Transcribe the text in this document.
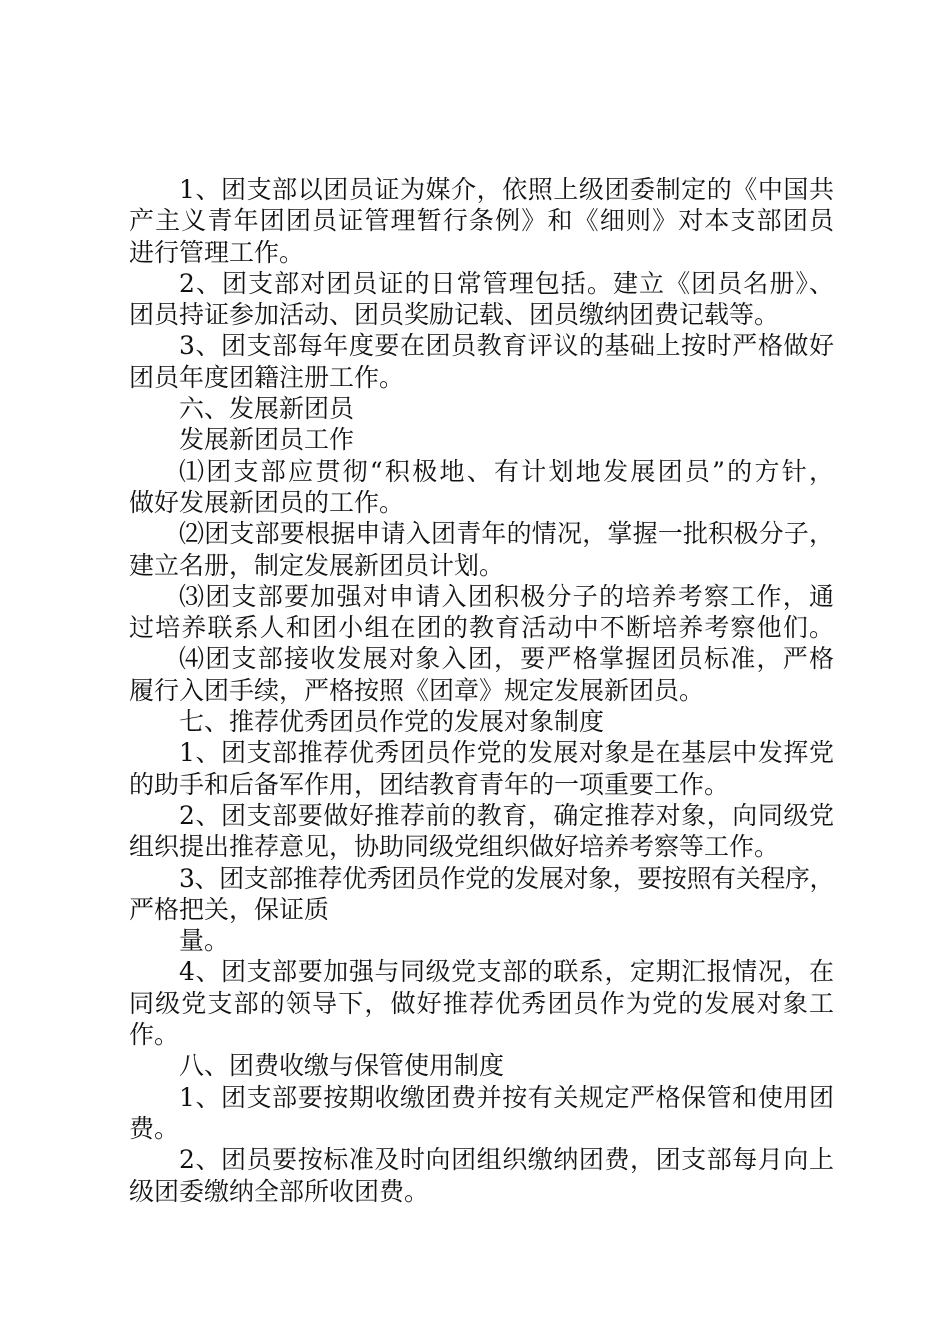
1、团支部以团员证为媒介，依照上级团委制定的《中国共
产主义青年团团员证管理暂行条例》和《细则》对本支部团员
进行管理工作。
2、团支部对团员证的日常管理包括。建立《团员名册》、
团员持证参加活动、团员奖励记载、团员缴纳团费记载等。
3、团支部每年度要在团员教育评议的基础上按时严格做好
团员年度团籍注册工作。
六、发展新团员
发展新团员工作
⑴团支部应贯彻“积极地、有计划地发展团员”的方针，
做好发展新团员的工作。
⑵团支部要根据申请入团青年的情况，掌握一批积极分子，
建立名册，制定发展新团员计划。
⑶团支部要加强对申请入团积极分子的培养考察工作，通
过培养联系人和团小组在团的教育活动中不断培养考察他们。
⑷团支部接收发展对象入团，要严格掌握团员标准，严格
履行入团手续，严格按照《团章》规定发展新团员。
七、推荐优秀团员作党的发展对象制度
1、团支部推荐优秀团员作党的发展对象是在基层中发挥党
的助手和后备军作用，团结教育青年的一项重要工作。
2、团支部要做好推荐前的教育，确定推荐对象，向同级党
组织提出推荐意见，协助同级党组织做好培养考察等工作。
3、团支部推荐优秀团员作党的发展对象，要按照有关程序，
严格把关，保证质
量。
4、团支部要加强与同级党支部的联系，定期汇报情况，在
同级党支部的领导下，做好推荐优秀团员作为党的发展对象工
作。
八、团费收缴与保管使用制度
1、团支部要按期收缴团费并按有关规定严格保管和使用团
费。
2、团员要按标准及时向团组织缴纳团费，团支部每月向上
级团委缴纳全部所收团费。
